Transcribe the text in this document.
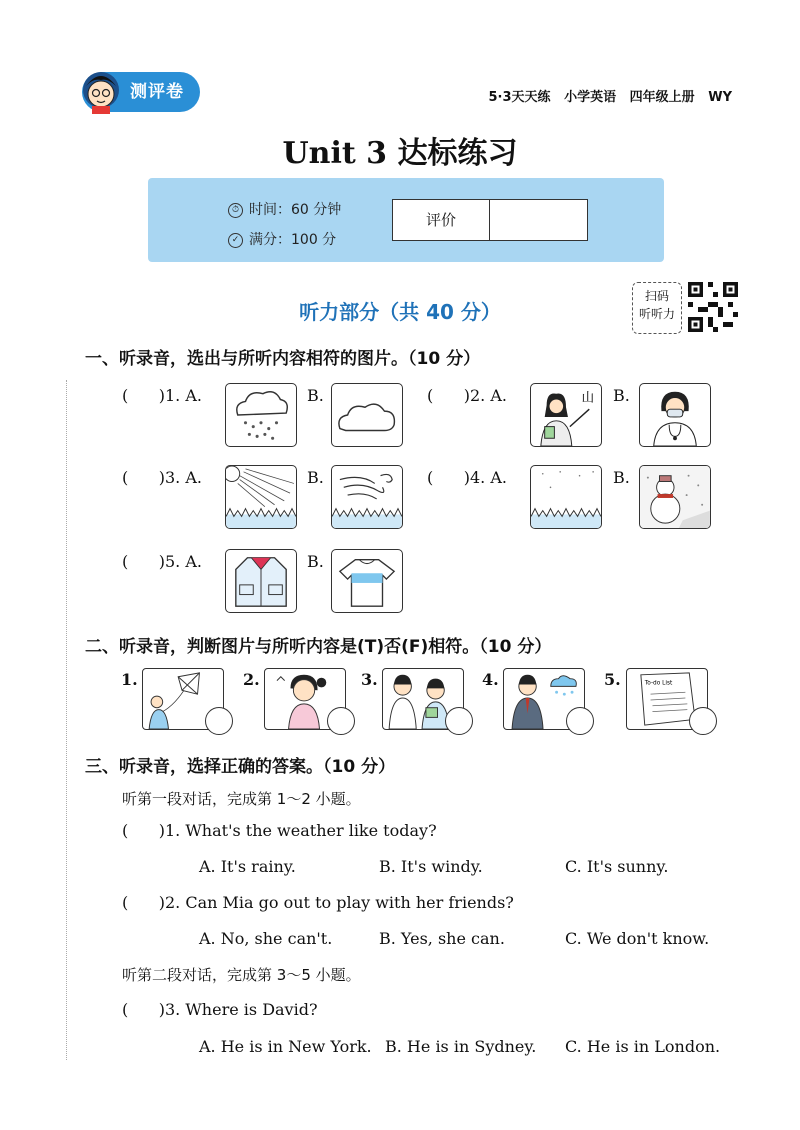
测评卷	5·3天天练   小学英语   四年级上册   WY
Unit 3 达标练习
⏱ 时间：60 分钟
✓ 满分：100 分
评价
听力部分（共 40 分）
扫码
听听力
一、听录音，选出与所听内容相符的图片。（10 分）
(      )1. A.	B.	(      )2. A.	山 B.
(      )3. A.	B.	(      )4. A.	B.
(      )5. A.	B.
二、听录音，判断图片与所听内容是(T)否(F)相符。（10 分）
1.	2.	3.	4.	5.	To-do List
三、听录音，选择正确的答案。（10 分）
听第一段对话，完成第 1～2 小题。
(      )1. What's the weather like today?
A. It's rainy.	B. It's windy.	C. It's sunny.
(      )2. Can Mia go out to play with her friends?
A. No, she can't.	B. Yes, she can.	C. We don't know.
听第二段对话，完成第 3～5 小题。
(      )3. Where is David?
A. He is in New York. B. He is in Sydney. C. He is in London.
